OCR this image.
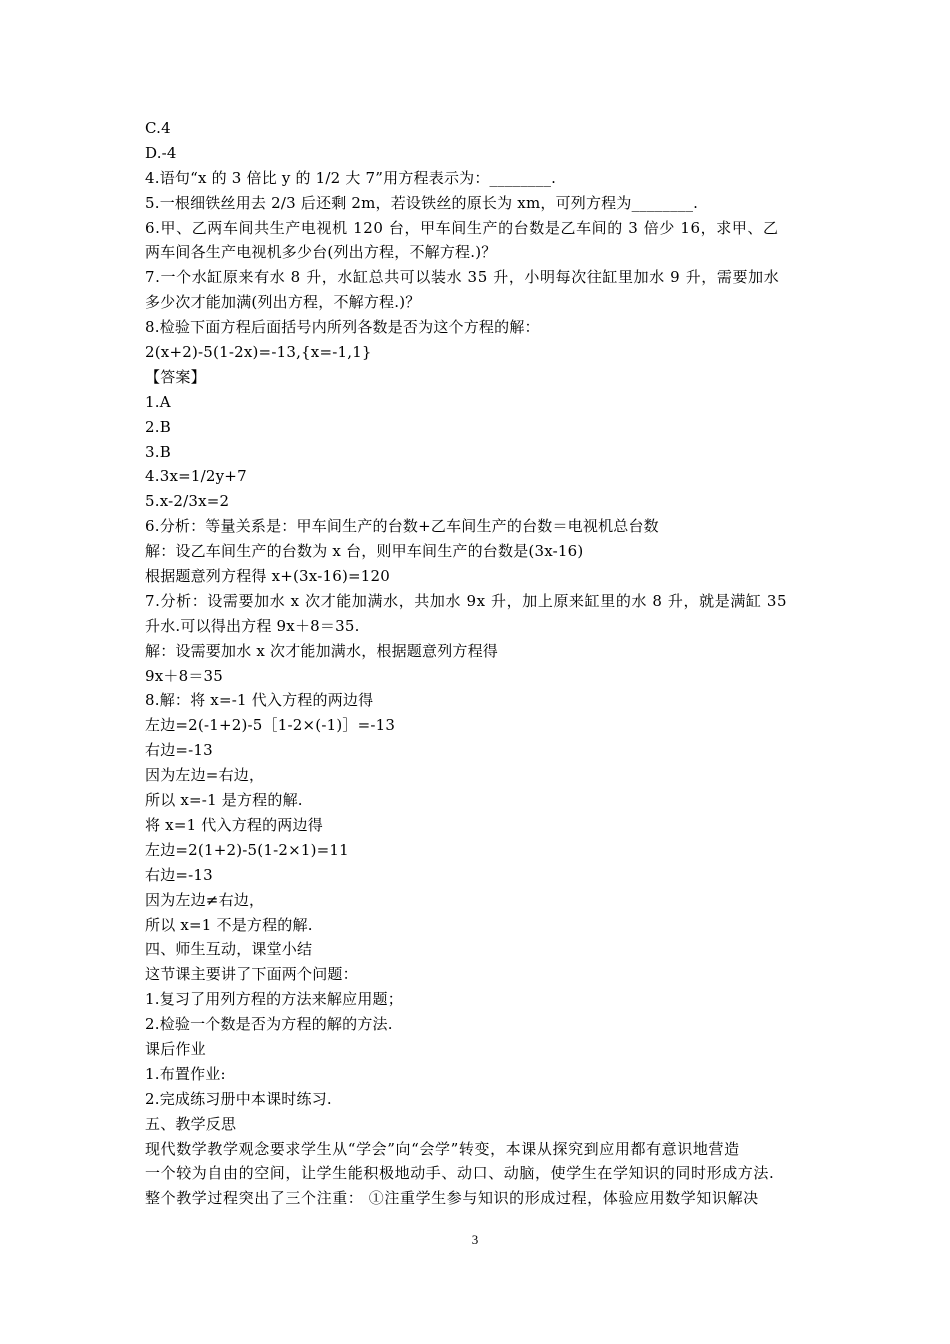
C.4
D.-4
4.语句“x 的 3 倍比 y 的 1/2 大 7”用方程表示为：________.
5.一根细铁丝用去 2/3 后还剩 2m，若设铁丝的原长为 xm，可列方程为________.
6.甲、乙两车间共生产电视机 120 台，甲车间生产的台数是乙车间的 3 倍少 16，求甲、乙
两车间各生产电视机多少台(列出方程，不解方程.)？
7.一个水缸原来有水 8 升，水缸总共可以装水 35 升，小明每次往缸里加水 9 升，需要加水
多少次才能加满(列出方程，不解方程.)？
8.检验下面方程后面括号内所列各数是否为这个方程的解：
2(x+2)-5(1-2x)=-13,{x=-1,1}
【答案】
1.A
2.B
3.B
4.3x=1/2y+7
5.x-2/3x=2
6.分析：等量关系是：甲车间生产的台数+乙车间生产的台数＝电视机总台数
解：设乙车间生产的台数为 x 台，则甲车间生产的台数是(3x-16)
根据题意列方程得 x+(3x-16)=120
7.分析：设需要加水 x 次才能加满水，共加水 9x 升，加上原来缸里的水 8 升，就是满缸 35
升水.可以得出方程 9x＋8＝35.
解：设需要加水 x 次才能加满水，根据题意列方程得
9x＋8＝35
8.解：将 x=-1 代入方程的两边得
左边=2(-1+2)-5［1-2×(-1)］=-13
右边=-13
因为左边=右边，
所以 x=-1 是方程的解.
将 x=1 代入方程的两边得
左边=2(1+2)-5(1-2×1)=11
右边=-13
因为左边≠右边，
所以 x=1 不是方程的解.
四、师生互动，课堂小结
这节课主要讲了下面两个问题：
1.复习了用列方程的方法来解应用题；
2.检验一个数是否为方程的解的方法.
课后作业
1.布置作业:
2.完成练习册中本课时练习.
五、教学反思
现代数学教学观念要求学生从“学会”向“会学”转变，本课从探究到应用都有意识地营造
一个较为自由的空间，让学生能积极地动手、动口、动脑，使学生在学知识的同时形成方法.
整个教学过程突出了三个注重： ①注重学生参与知识的形成过程，体验应用数学知识解决
3
